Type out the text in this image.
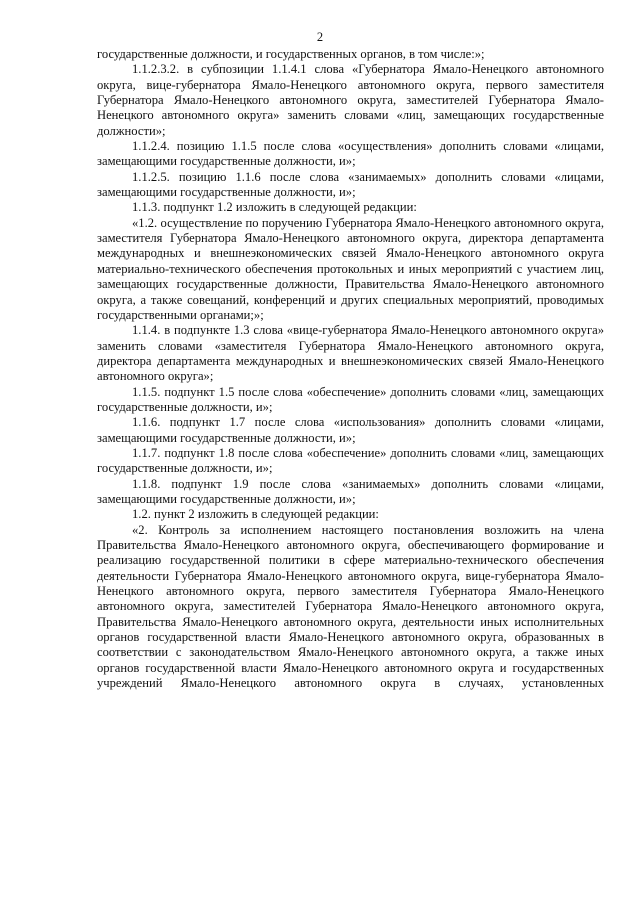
2

государственные должности, и государственных органов, в том числе:»;

1.1.2.3.2. в субпозиции 1.1.4.1 слова «Губернатора Ямало-Ненецкого автономного округа, вице-губернатора Ямало-Ненецкого автономного округа, первого заместителя Губернатора Ямало-Ненецкого автономного округа, заместителей Губернатора Ямало-Ненецкого автономного округа» заменить словами «лиц, замещающих государственные должности»;

1.1.2.4. позицию 1.1.5 после слова «осуществления» дополнить словами «лицами, замещающими государственные должности, и»;

1.1.2.5. позицию 1.1.6 после слова «занимаемых» дополнить словами «лицами, замещающими государственные должности, и»;

1.1.3. подпункт 1.2 изложить в следующей редакции:

«1.2. осуществление по поручению Губернатора Ямало-Ненецкого автономного округа, заместителя Губернатора Ямало-Ненецкого автономного округа, директора департамента международных и внешнеэкономических связей Ямало-Ненецкого автономного округа материально-технического обеспечения протокольных и иных мероприятий с участием лиц, замещающих государственные должности, Правительства Ямало-Ненецкого автономного округа, а также совещаний, конференций и других специальных мероприятий, проводимых государственными органами;»;

1.1.4. в подпункте 1.3 слова «вице-губернатора Ямало-Ненецкого автономного округа» заменить словами «заместителя Губернатора Ямало-Ненецкого автономного округа, директора департамента международных и внешнеэкономических связей Ямало-Ненецкого автономного округа»;

1.1.5. подпункт 1.5 после слова «обеспечение» дополнить словами «лиц, замещающих государственные должности, и»;

1.1.6. подпункт 1.7 после слова «использования» дополнить словами «лицами, замещающими государственные должности, и»;

1.1.7. подпункт 1.8 после слова «обеспечение» дополнить словами «лиц, замещающих государственные должности, и»;

1.1.8. подпункт 1.9 после слова «занимаемых» дополнить словами «лицами, замещающими государственные должности, и»;

1.2. пункт 2 изложить в следующей редакции:

«2. Контроль за исполнением настоящего постановления возложить на члена Правительства Ямало-Ненецкого автономного округа, обеспечивающего формирование и реализацию государственной политики в сфере материально-технического обеспечения деятельности Губернатора Ямало-Ненецкого автономного округа, вице-губернатора Ямало-Ненецкого автономного округа, первого заместителя Губернатора Ямало-Ненецкого автономного округа, заместителей Губернатора Ямало-Ненецкого автономного округа, Правительства Ямало-Ненецкого автономного округа, деятельности иных исполнительных органов государственной власти Ямало-Ненецкого автономного округа, образованных в соответствии с законодательством Ямало-Ненецкого автономного округа, а также иных органов государственной власти Ямало-Ненецкого автономного округа и государственных учреждений Ямало-Ненецкого автономного округа в случаях, установленных
